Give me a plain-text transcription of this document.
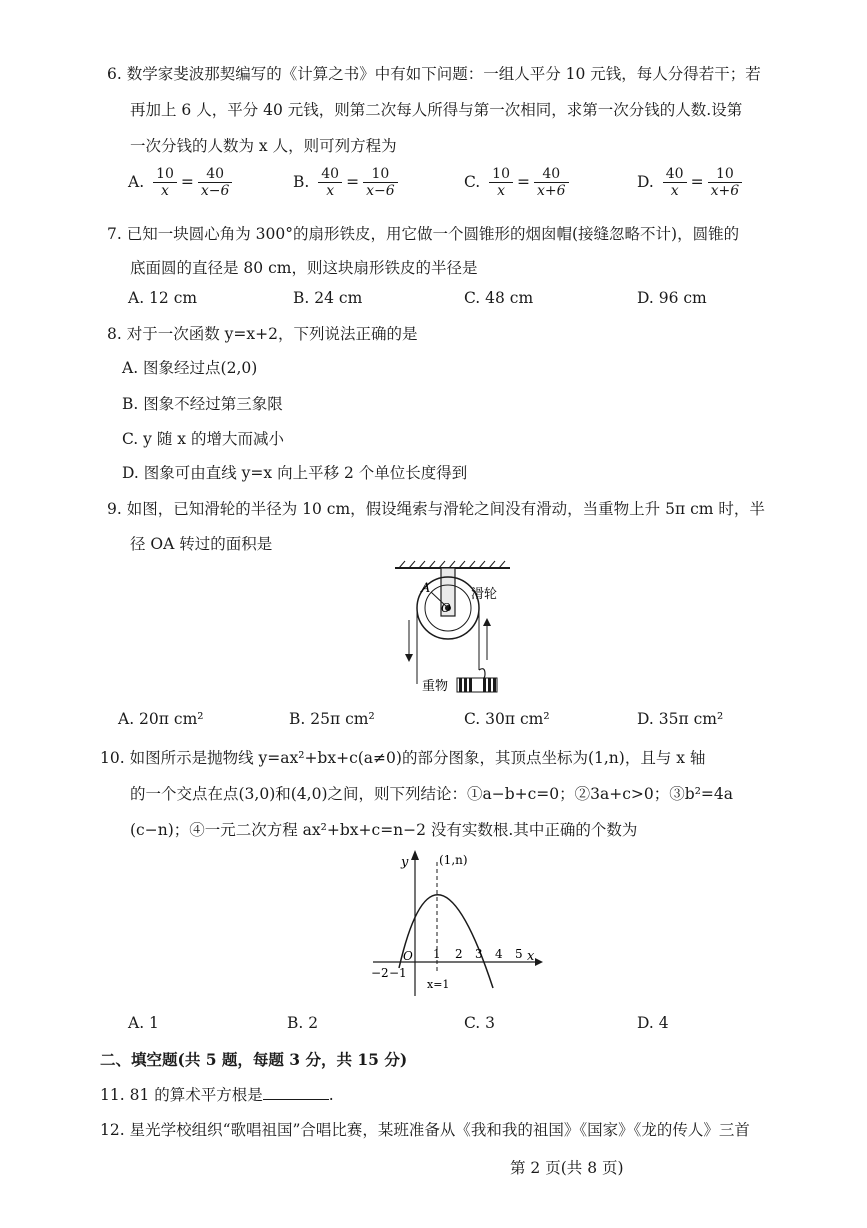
6. 数学家斐波那契编写的《计算之书》中有如下问题：一组人平分 10 元钱，每人分得若干；若
再加上 6 人，平分 40 元钱，则第二次每人所得与第一次相同，求第一次分钱的人数.设第
一次分钱的人数为 x 人，则可列方程为
A. $\frac{10}{x} = \frac{40}{x-6}$	B. $\frac{40}{x} = \frac{10}{x-6}$	C. $\frac{10}{x} = \frac{40}{x+6}$	D. $\frac{40}{x} = \frac{10}{x+6}$
7. 已知一块圆心角为 300°的扇形铁皮，用它做一个圆锥形的烟囱帽(接缝忽略不计)，圆锥的
底面圆的直径是 80 cm，则这块扇形铁皮的半径是
A. 12 cm	B. 24 cm	C. 48 cm	D. 96 cm
8. 对于一次函数 y=x+2，下列说法正确的是
A. 图象经过点(2,0)
B. 图象不经过第三象限
C. y 随 x 的增大而减小
D. 图象可由直线 y=x 向上平移 2 个单位长度得到
9. 如图，已知滑轮的半径为 10 cm，假设绳索与滑轮之间没有滑动，当重物上升 5π cm 时，半
径 OA 转过的面积是
A
O
滑轮
重物
A. 20π cm²	B. 25π cm²	C. 30π cm²	D. 35π cm²
10. 如图所示是抛物线 y=ax²+bx+c(a≠0)的部分图象，其顶点坐标为(1,n)，且与 x 轴
的一个交点在点(3,0)和(4,0)之间，则下列结论：①a−b+c=0；②3a+c>0；③b²=4a
(c−n)；④一元二次方程 ax²+bx+c=n−2 没有实数根.其中正确的个数为
y
x
O
(1,n)
x=1
−2 −1
1 2 3 4 5
A. 1	B. 2	C. 3	D. 4
二、填空题(共 5 题，每题 3 分，共 15 分)
11. 81 的算术平方根是	.
12. 星光学校组织“歌唱祖国”合唱比赛，某班准备从《我和我的祖国》《国家》《龙的传人》三首
第 2 页(共 8 页)
